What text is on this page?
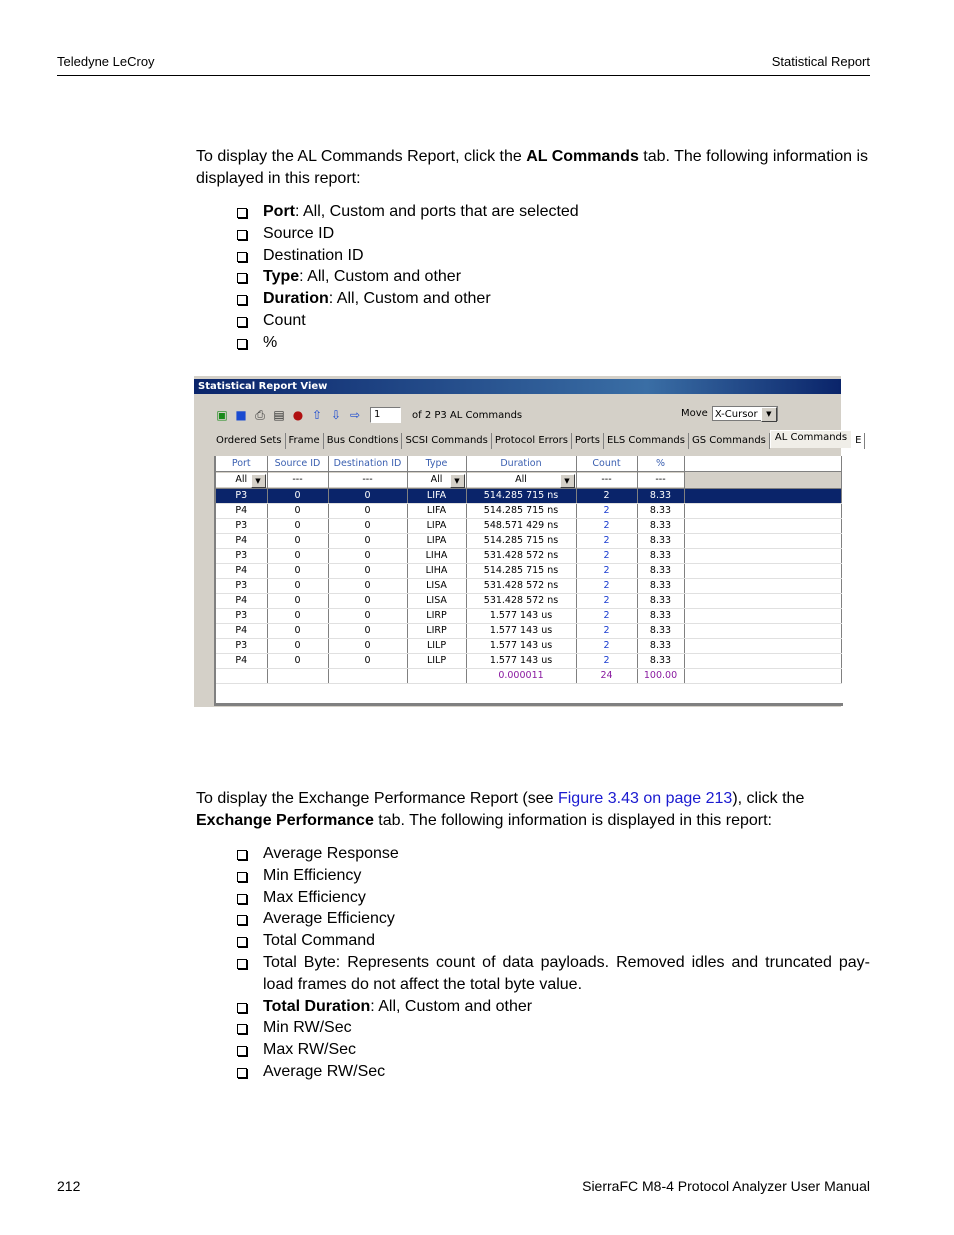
Teledyne LeCroy	Statistical Report
To display the AL Commands Report, click the AL Commands tab. The following information is displayed in this report:
Port: All, Custom and ports that are selected
Source ID
Destination ID
Type: All, Custom and other
Duration: All, Custom and other
Count
%
Statistical Report View
▣ ■ ⎙ ▤ ● ⇧ ⇩ ⇨	1	of 2 P3 AL Commands	Move X-Cursor	▼
Ordered Sets Frame Bus Condtions SCSI Commands Protocol Errors Ports ELS Commands GS Commands AL Commands E
Port	Source ID	Destination ID	Type	Duration	Count	%	
All ▼	---	---	All ▼	All ▼	---	---	
P3	0	0	LIFA	514.285 715 ns	2	8.33	
P4	0	0	LIFA	514.285 715 ns	2	8.33	
P3	0	0	LIPA	548.571 429 ns	2	8.33	
P4	0	0	LIPA	514.285 715 ns	2	8.33	
P3	0	0	LIHA	531.428 572 ns	2	8.33	
P4	0	0	LIHA	514.285 715 ns	2	8.33	
P3	0	0	LISA	531.428 572 ns	2	8.33	
P4	0	0	LISA	531.428 572 ns	2	8.33	
P3	0	0	LIRP	1.577 143 us	2	8.33	
P4	0	0	LIRP	1.577 143 us	2	8.33	
P3	0	0	LILP	1.577 143 us	2	8.33	
P4	0	0	LILP	1.577 143 us	2	8.33	
				0.000011	24	100.00	
To display the Exchange Performance Report (see Figure 3.43 on page 213), click the Exchange Performance tab. The following information is displayed in this report:
Average Response
Min Efficiency
Max Efficiency
Average Efficiency
Total Command
Total Byte: Represents count of data payloads. Removed idles and truncated pay-load frames do not affect the total byte value.
Total Duration: All, Custom and other
Min RW/Sec
Max RW/Sec
Average RW/Sec
212	SierraFC M8-4 Protocol Analyzer User Manual
